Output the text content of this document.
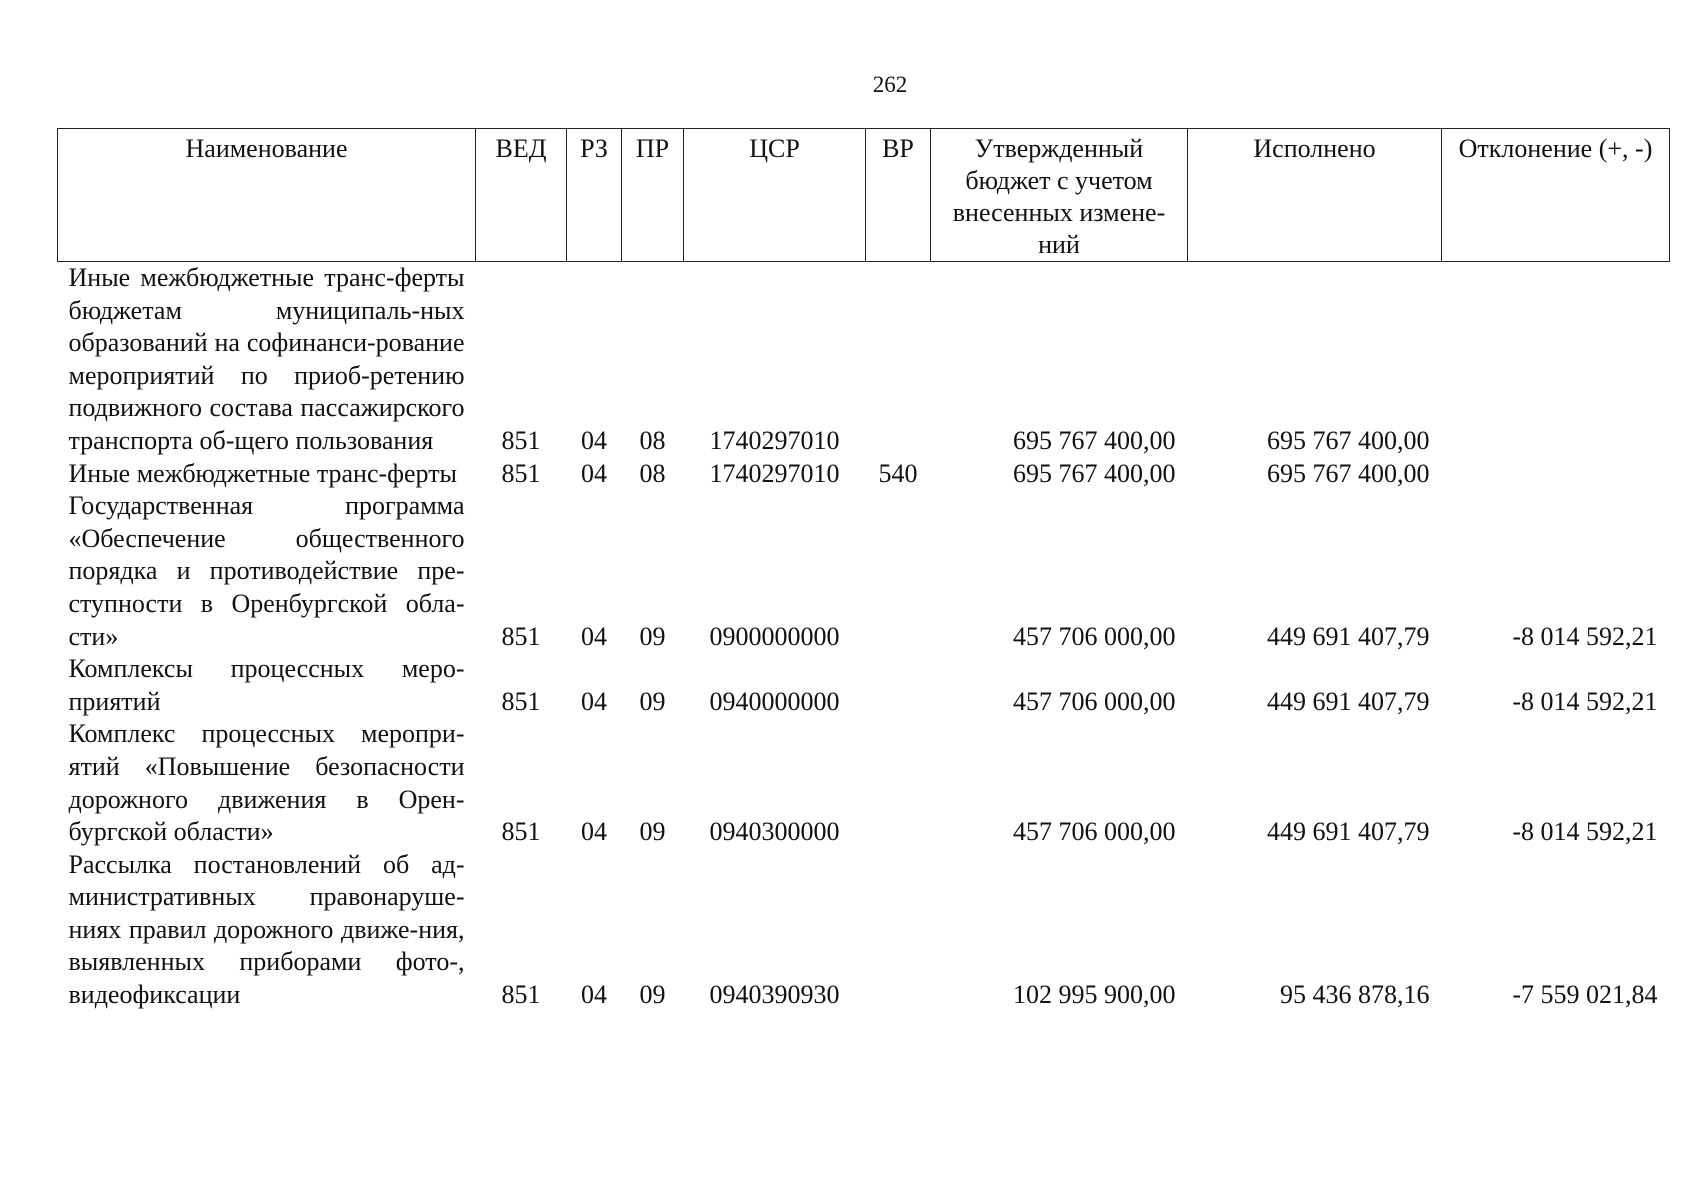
262
Наименование	ВЕД	РЗ	ПР	ЦСР	ВР	Утвержденный бюджет с учетом внесенных измене-ний	Исполнено	Отклонение (+, -)
Иные межбюджетные транс-ферты бюджетам муниципаль-ных образований на софинанси-рование мероприятий по приоб-ретению подвижного состава пассажирского транспорта об-щего пользования	851	04	08	1740297010		695 767 400,00	695 767 400,00	
Иные межбюджетные транс-ферты	851	04	08	1740297010	540	695 767 400,00	695 767 400,00	
Государственная программа «Обеспечение общественного порядка и противодействие пре-ступности в Оренбургской обла-сти»	851	04	09	0900000000		457 706 000,00	449 691 407,79	-8 014 592,21
Комплексы процессных меро-приятий	851	04	09	0940000000		457 706 000,00	449 691 407,79	-8 014 592,21
Комплекс процессных меропри-ятий «Повышение безопасности дорожного движения в Орен-бургской области»	851	04	09	0940300000		457 706 000,00	449 691 407,79	-8 014 592,21
Рассылка постановлений об ад-министративных правонаруше-ниях правил дорожного движе-ния, выявленных приборами фото-, видеофиксации	851	04	09	0940390930		102 995 900,00	95 436 878,16	-7 559 021,84
